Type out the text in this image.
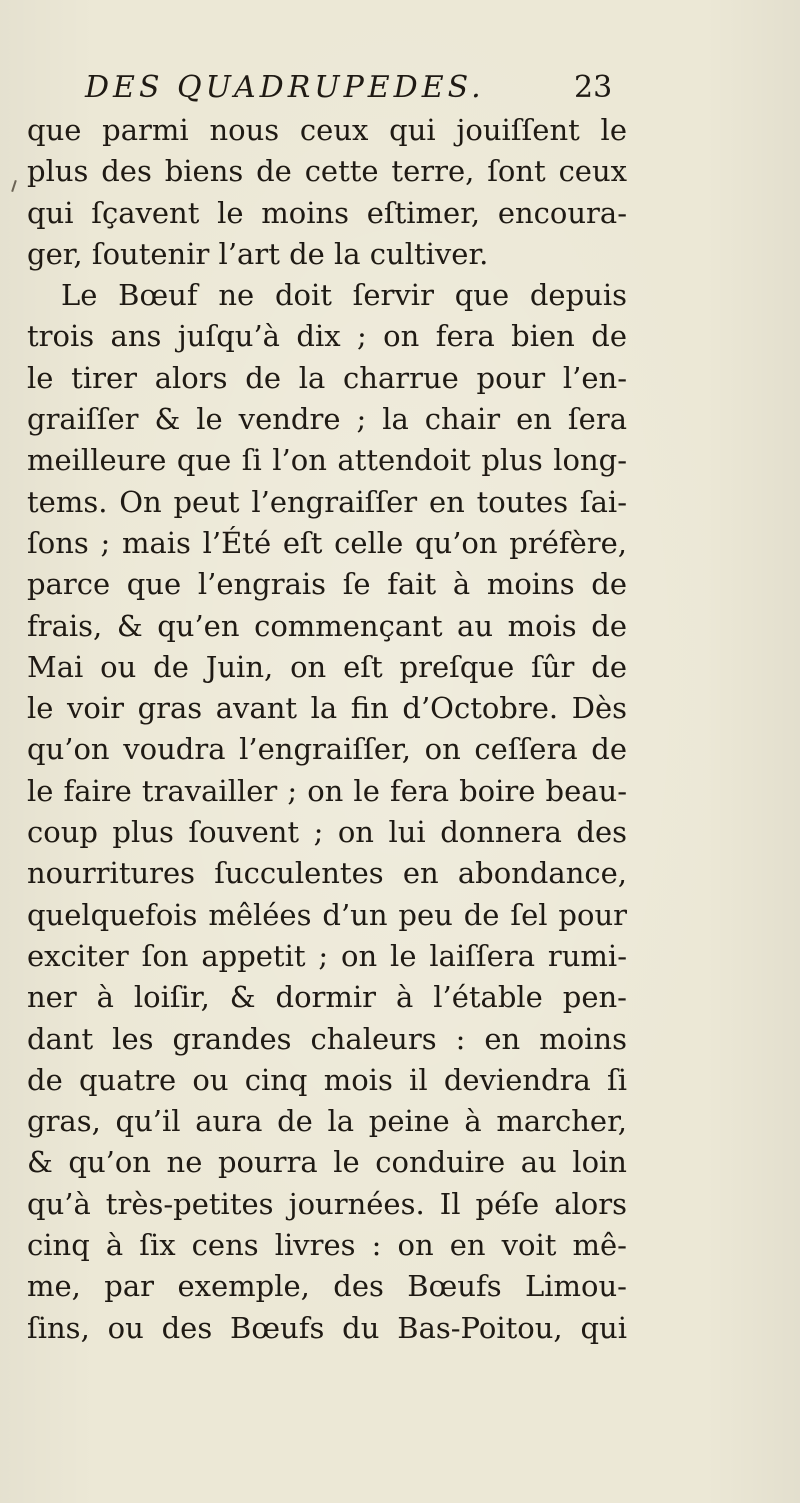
DES QUADRUPEDES.	23
que parmi nous ceux qui jouiſſent le
plus des biens de cette terre, ſont ceux
qui ſçavent le moins eſtimer, encoura-
ger, ſoutenir l’art de la cultiver.
Le Bœuf ne doit ſervir que depuis
trois ans juſqu’à dix ; on fera bien de
le tirer alors de la charrue pour l’en-
graiſſer & le vendre ; la chair en ſera
meilleure que ſi l’on attendoit plus long-
tems. On peut l’engraiſſer en toutes ſai-
ſons ; mais l’Été eſt celle qu’on préfère,
parce que l’engrais ſe fait à moins de
frais, & qu’en commençant au mois de
Mai ou de Juin, on eſt preſque ſûr de
le voir gras avant la fin d’Octobre. Dès
qu’on voudra l’engraiſſer, on ceſſera de
le faire travailler ; on le fera boire beau-
coup plus ſouvent ; on lui donnera des
nourritures ſucculentes en abondance,
quelquefois mêlées d’un peu de ſel pour
exciter ſon appetit ; on le laiſſera rumi-
ner à loiſir, & dormir à l’étable pen-
dant les grandes chaleurs : en moins
de quatre ou cinq mois il deviendra ſi
gras, qu’il aura de la peine à marcher,
& qu’on ne pourra le conduire au loin
qu’à très-petites journées. Il péſe alors
cinq à ſix cens livres : on en voit mê-
me, par exemple, des Bœufs Limou-
ſins, ou des Bœufs du Bas-Poitou, qui
